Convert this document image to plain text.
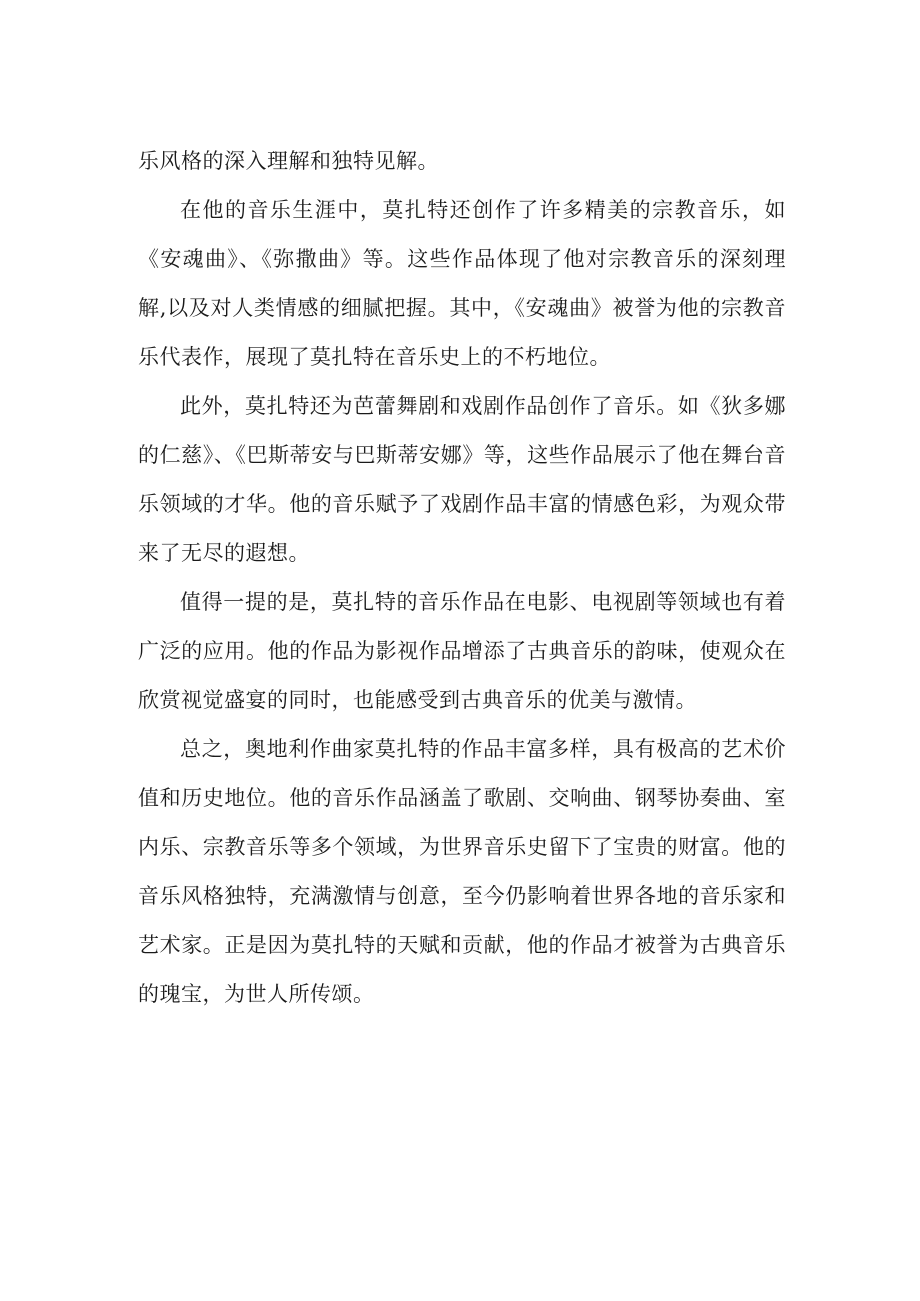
乐风格的深入理解和独特见解。

在他的音乐生涯中，莫扎特还创作了许多精美的宗教音乐，如《安魂曲》、《弥撒曲》等。这些作品体现了他对宗教音乐的深刻理解,以及对人类情感的细腻把握。其中，《安魂曲》被誉为他的宗教音乐代表作，展现了莫扎特在音乐史上的不朽地位。

此外，莫扎特还为芭蕾舞剧和戏剧作品创作了音乐。如《狄多娜的仁慈》、《巴斯蒂安与巴斯蒂安娜》等，这些作品展示了他在舞台音乐领域的才华。他的音乐赋予了戏剧作品丰富的情感色彩，为观众带来了无尽的遐想。

值得一提的是，莫扎特的音乐作品在电影、电视剧等领域也有着广泛的应用。他的作品为影视作品增添了古典音乐的韵味，使观众在欣赏视觉盛宴的同时，也能感受到古典音乐的优美与激情。

总之，奥地利作曲家莫扎特的作品丰富多样，具有极高的艺术价值和历史地位。他的音乐作品涵盖了歌剧、交响曲、钢琴协奏曲、室内乐、宗教音乐等多个领域，为世界音乐史留下了宝贵的财富。他的音乐风格独特，充满激情与创意，至今仍影响着世界各地的音乐家和艺术家。正是因为莫扎特的天赋和贡献，他的作品才被誉为古典音乐的瑰宝，为世人所传颂。
